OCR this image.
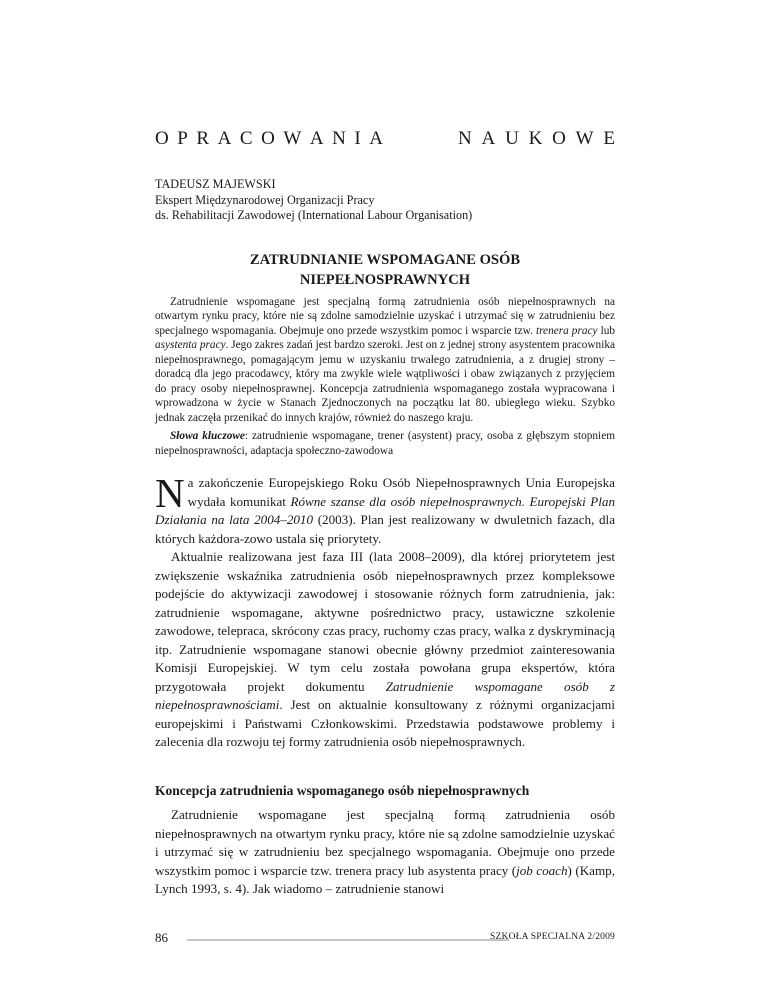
O P R A C O W A N I A	N A U K O W E
TADEUSZ MAJEWSKI
Ekspert Międzynarodowej Organizacji Pracy
ds. Rehabilitacji Zawodowej (International Labour Organisation)
ZATRUDNIANIE WSPOMAGANE OSÓB
NIEPEŁNOSPRAWNYCH

Zatrudnienie wspomagane jest specjalną formą zatrudnienia osób niepełnosprawnych na otwartym rynku pracy, które nie są zdolne samodzielnie uzyskać i utrzymać się w zatrudnieniu bez specjalnego wspomagania. Obejmuje ono przede wszystkim pomoc i wsparcie tzw. trenera pracy lub asystenta pracy. Jego zakres zadań jest bardzo szeroki. Jest on z jednej strony asystentem pracownika niepełnosprawnego, pomagającym jemu w uzyskaniu trwałego zatrudnienia, a z drugiej strony – doradcą dla jego pracodawcy, który ma zwykle wiele wątpliwości i obaw związanych z przyjęciem do pracy osoby niepełnosprawnej. Koncepcja zatrudnienia wspomaganego została wypracowana i wprowadzona w życie w Stanach Zjednoczonych na początku lat 80. ubiegłego wieku. Szybko jednak zaczęła przenikać do innych krajów, również do naszego kraju.

Słowa kluczowe: zatrudnienie wspomagane, trener (asystent) pracy, osoba z głębszym stopniem niepełnosprawności, adaptacja społeczno-zawodowa

Na zakończenie Europejskiego Roku Osób Niepełnosprawnych Unia Europejska wydała komunikat Równe szanse dla osób niepełnosprawnych. Europejski Plan Działania na lata 2004–2010 (2003). Plan jest realizowany w dwuletnich fazach, dla których każdora-zowo ustala się priorytety.

Aktualnie realizowana jest faza III (lata 2008–2009), dla której priorytetem jest zwiększenie wskaźnika zatrudnienia osób niepełnosprawnych przez kompleksowe podejście do aktywizacji zawodowej i stosowanie różnych form zatrudnienia, jak: zatrudnienie wspomagane, aktywne pośrednictwo pracy, ustawiczne szkolenie zawodowe, telepraca, skrócony czas pracy, ruchomy czas pracy, walka z dyskryminacją itp. Zatrudnienie wspomagane stanowi obecnie główny przedmiot zainteresowania Komisji Europejskiej. W tym celu została powołana grupa ekspertów, która przygotowała projekt dokumentu Zatrudnienie wspomagane osób z niepełnosprawnościami. Jest on aktualnie konsultowany z różnymi organizacjami europejskimi i Państwami Członkowskimi. Przedstawia podstawowe problemy i zalecenia dla rozwoju tej formy zatrudnienia osób niepełnosprawnych.

Koncepcja zatrudnienia wspomaganego osób niepełnosprawnych

Zatrudnienie wspomagane jest specjalną formą zatrudnienia osób niepełnosprawnych na otwartym rynku pracy, które nie są zdolne samodzielnie uzyskać i utrzymać się w zatrudnieniu bez specjalnego wspomagania. Obejmuje ono przede wszystkim pomoc i wsparcie tzw. trenera pracy lub asystenta pracy (job coach) (Kamp, Lynch 1993, s. 4). Jak wiadomo – zatrudnienie stanowi

86	SZKOŁA SPECJALNA 2/2009
